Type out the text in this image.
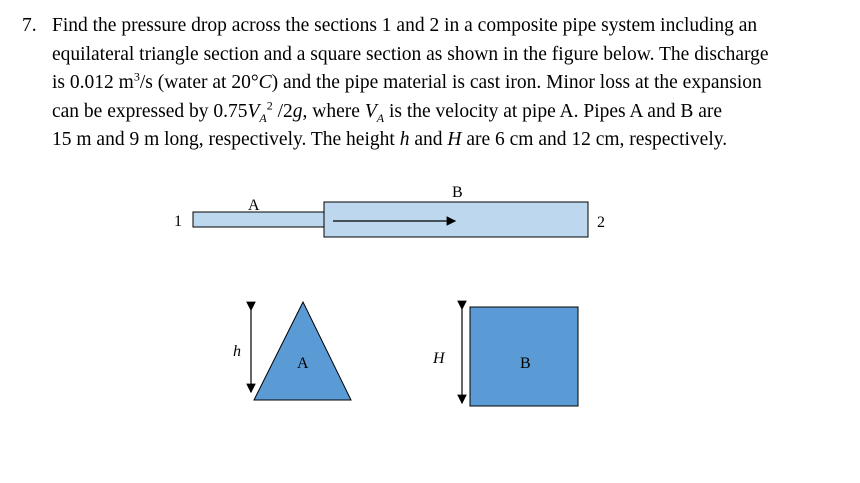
7. Find the pressure drop across the sections 1 and 2 in a composite pipe system including an
equilateral triangle section and a square section as shown in the figure below. The discharge
is 0.012 $m^3/s$ (water at 20°C) and the pipe material is cast iron. Minor loss at the expansion
can be expressed by $0.75V_A^2$ /2g, where $V_A$ is the velocity at pipe A. Pipes A and B are
15 m and 9 m long, respectively. The height h and H are 6 cm and 12 cm, respectively.
1
A
B
2
h
A	H	B
